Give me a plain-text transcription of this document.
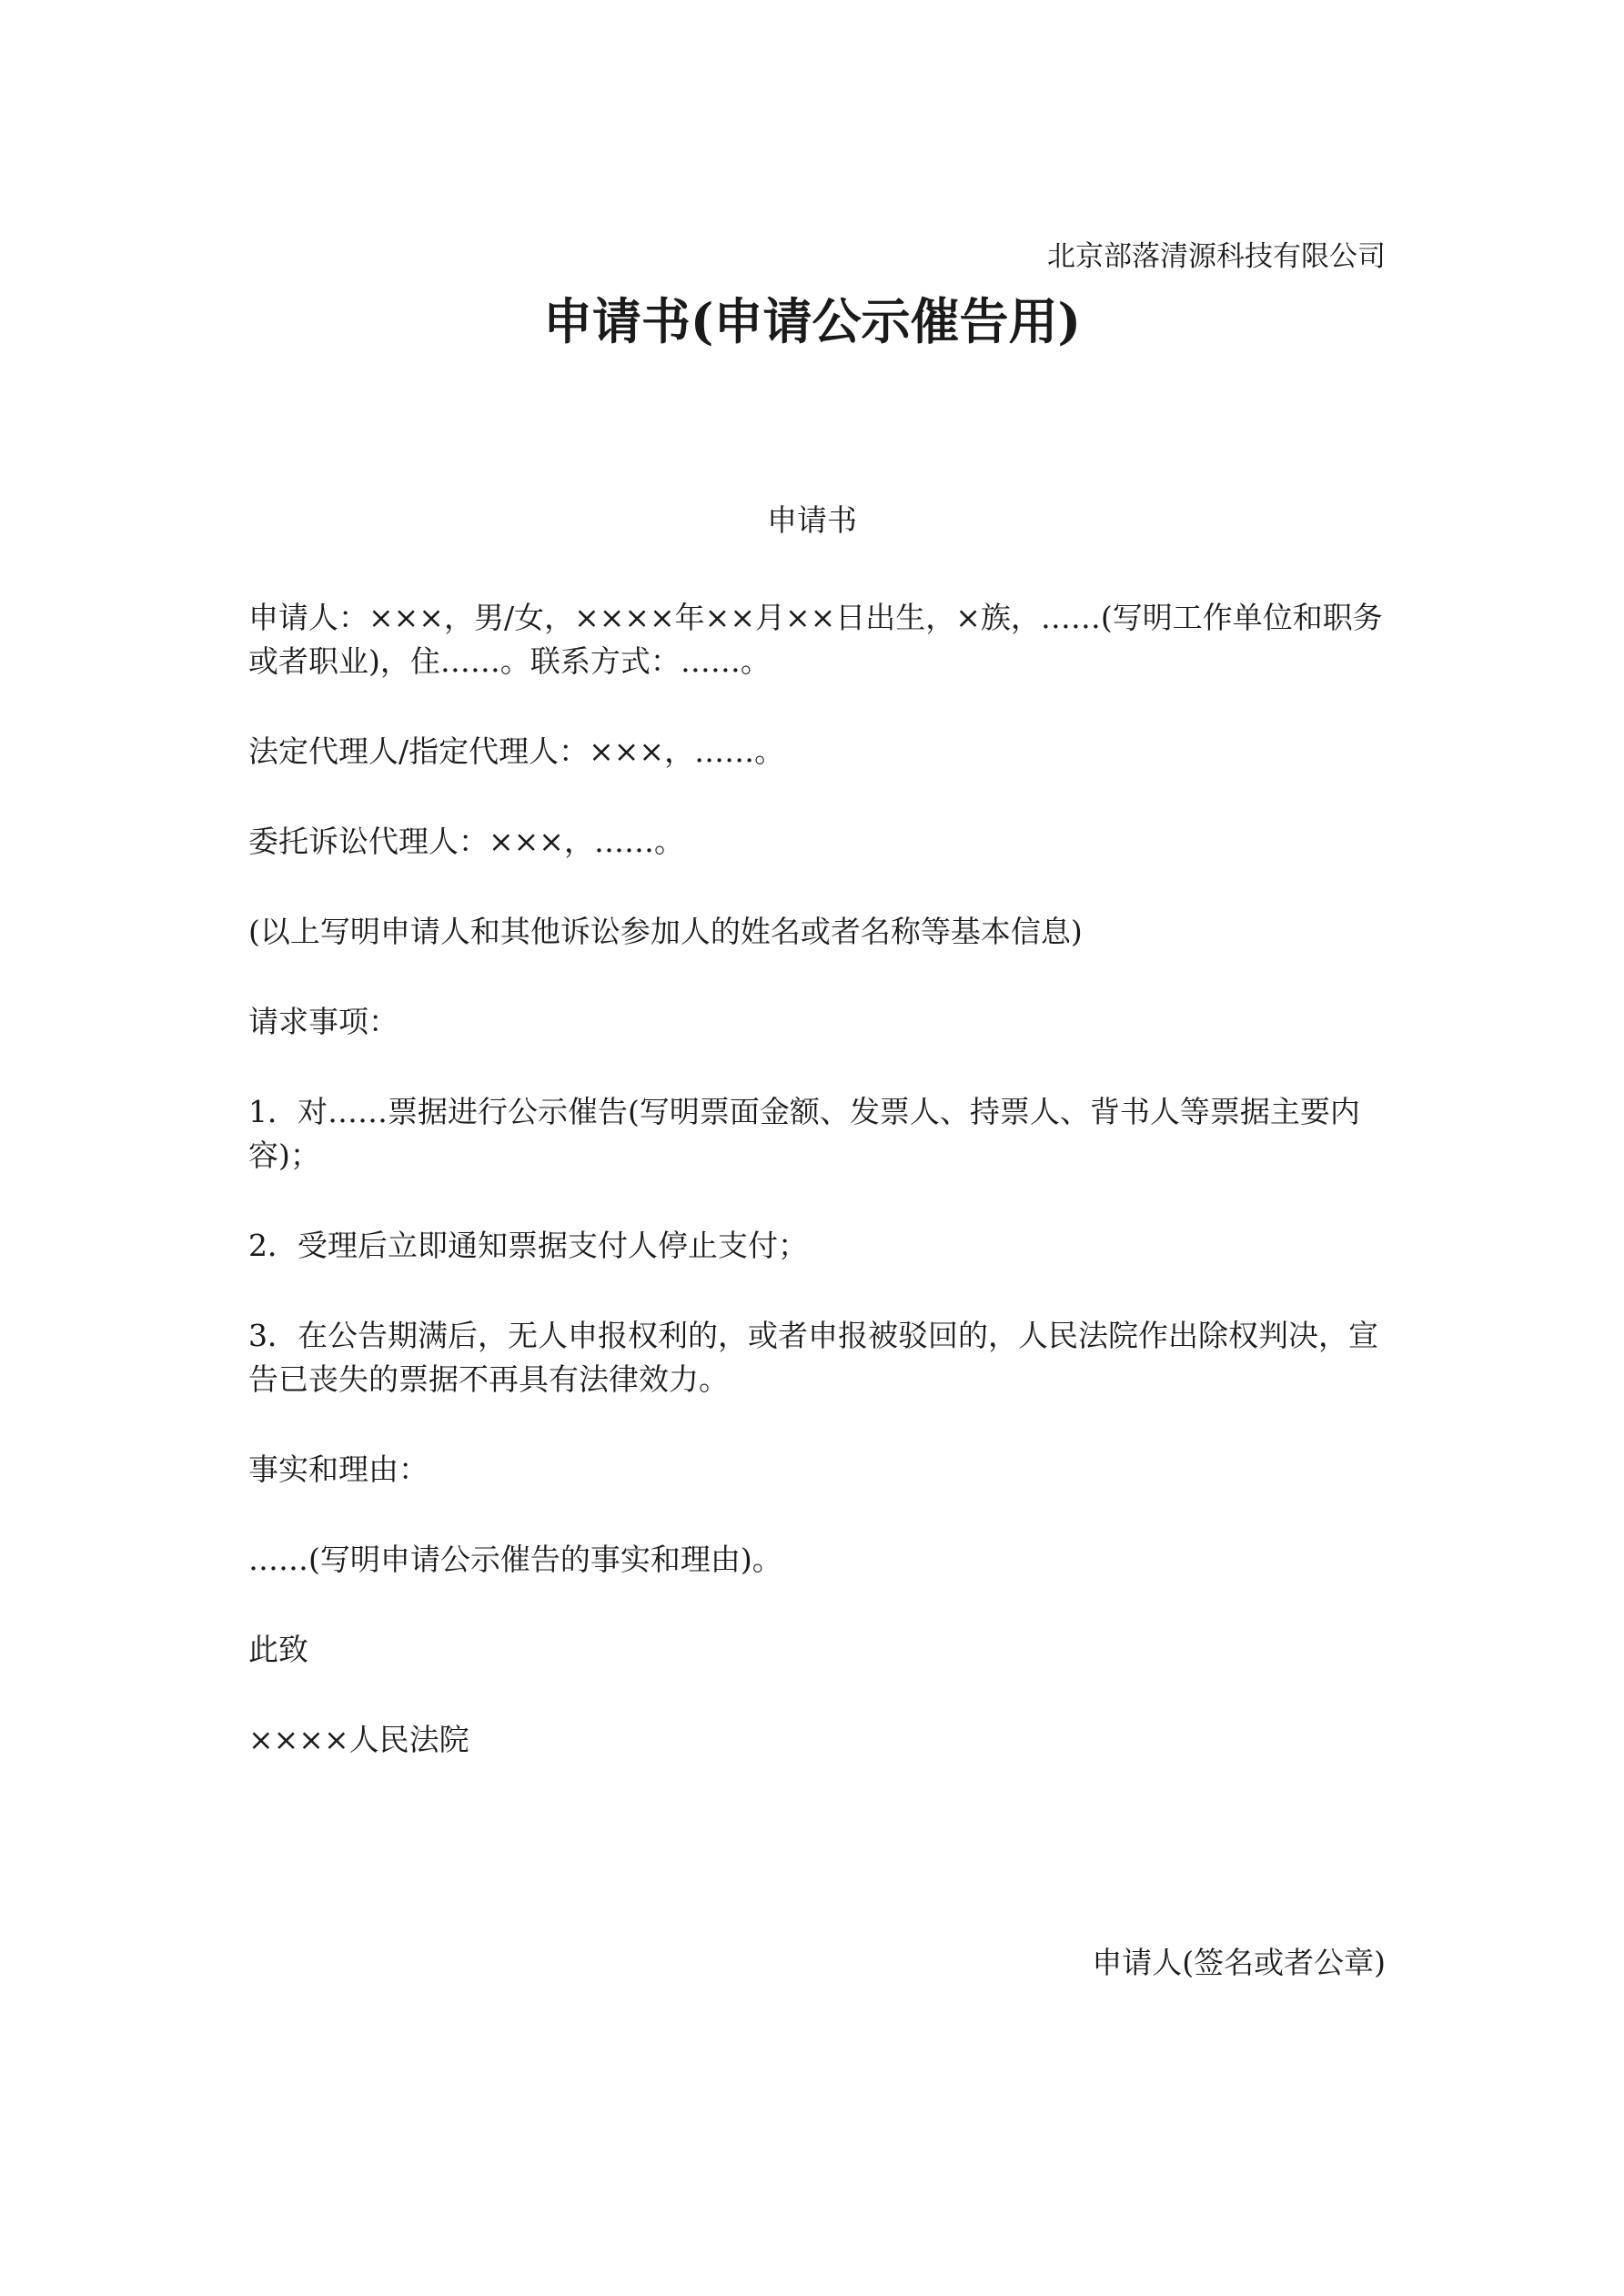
北京部落清源科技有限公司
申请书(申请公示催告用)
申请书

申请人：×××，男/女，××××年××月××日出生，×族，……(写明工作单位和职务或者职业)，住……。联系方式：……。

法定代理人/指定代理人：×××，……。

委托诉讼代理人：×××，……。

(以上写明申请人和其他诉讼参加人的姓名或者名称等基本信息)

请求事项：

1．对……票据进行公示催告(写明票面金额、发票人、持票人、背书人等票据主要内容)；

2．受理后立即通知票据支付人停止支付；

3．在公告期满后，无人申报权利的，或者申报被驳回的，人民法院作出除权判决，宣告已丧失的票据不再具有法律效力。

事实和理由：

……(写明申请公示催告的事实和理由)。

此致

××××人民法院

申请人(签名或者公章)
